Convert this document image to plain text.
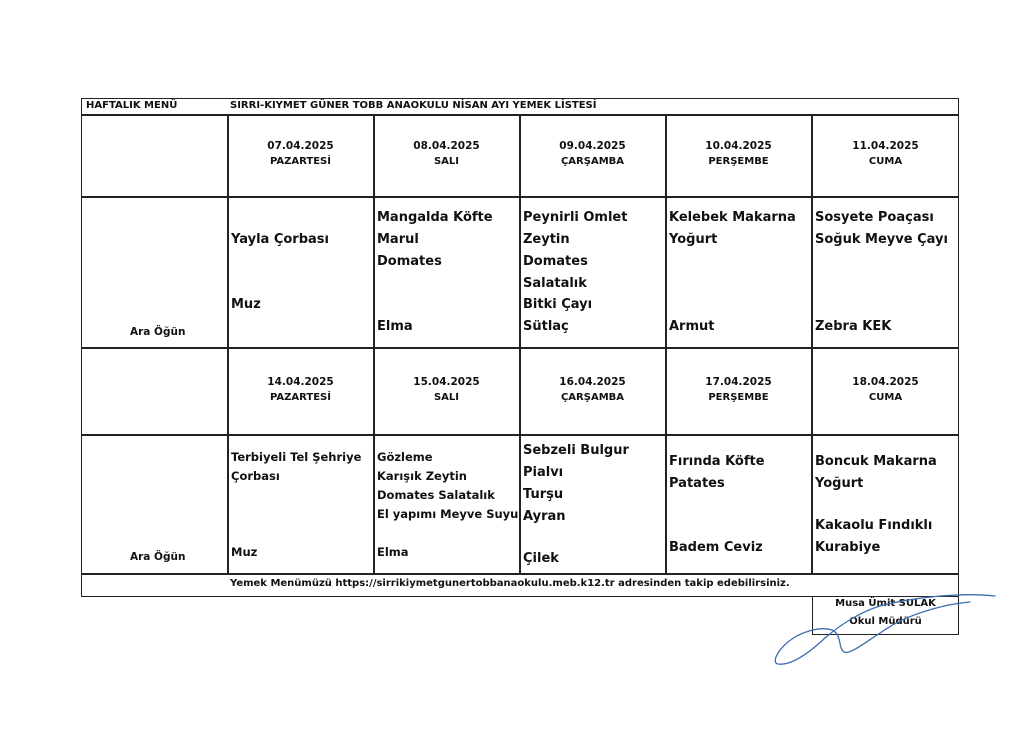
HAFTALIK MENÜ	SIRRI-KIYMET GÜNER TOBB ANAOKULU NİSAN AYI YEMEK LİSTESİ
07.04.2025
PAZARTESİ
08.04.2025
SALI
09.04.2025
ÇARŞAMBA
10.04.2025
PERŞEMBE
11.04.2025
CUMA
Ara Öğün
Yayla Çorbası
Muz
Mangalda Köfte
Marul
Domates
Elma
Peynirli Omlet
Zeytin
Domates
Salatalık
Bitki Çayı
Sütlaç
Kelebek Makarna
Yoğurt
Armut
Sosyete Poaçası
Soğuk Meyve Çayı
Zebra KEK
14.04.2025
PAZARTESİ
15.04.2025
SALI
16.04.2025
ÇARŞAMBA
17.04.2025
PERŞEMBE
18.04.2025
CUMA
Ara Öğün
Terbiyeli Tel Şehriye
Çorbası
Muz
Gözleme
Karışık Zeytin
Domates Salatalık
El yapımı Meyve Suyu
Elma
Sebzeli Bulgur
Pialvı
Turşu
Ayran
Çilek
Fırında Köfte
Patates
Badem Ceviz
Boncuk Makarna
Yoğurt
Kakaolu Fındıklı Kurabiye
Yemek Menümüzü https://sirrikiymetgunertobbanaokulu.meb.k12.tr adresinden takip edebilirsiniz.
Musa Ümit SULAK
Okul Müdürü
